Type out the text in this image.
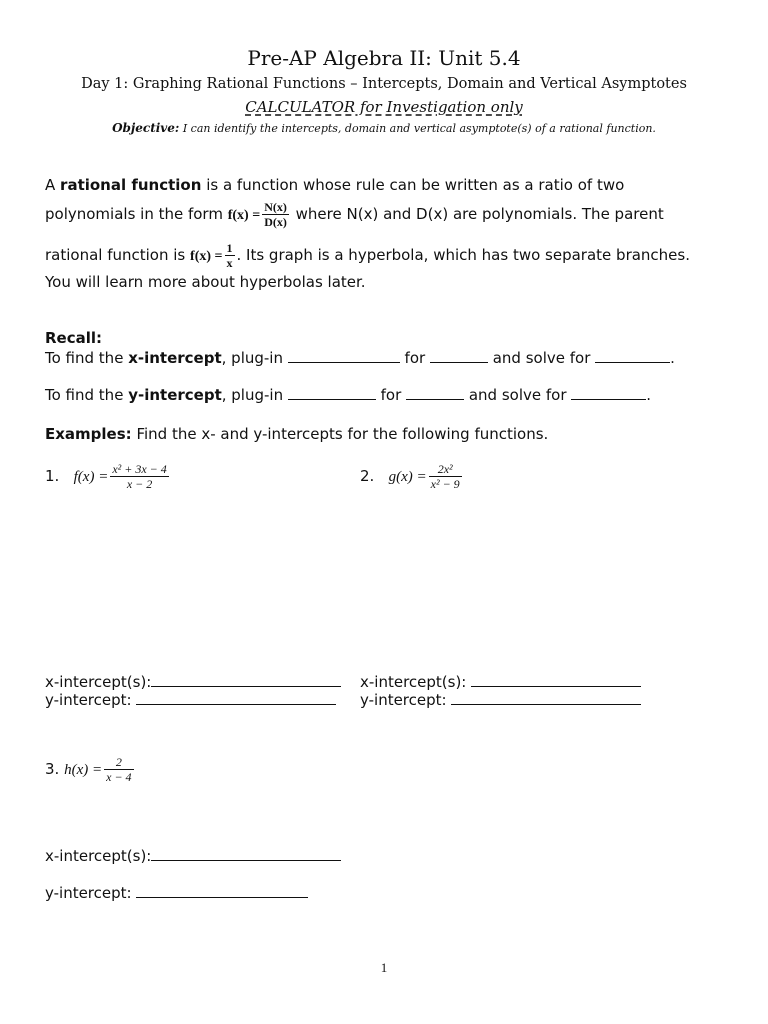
Pre-AP Algebra II: Unit 5.4
Day 1: Graphing Rational Functions – Intercepts, Domain and Vertical Asymptotes
CALCULATOR for Investigation only
Objective: I can identify the intercepts, domain and vertical asymptote(s) of a rational function.
A rational function is a function whose rule can be written as a ratio of two
polynomials in the form $f(x) = \frac{N(x)}{D(x)}$ where N(x) and D(x) are polynomials. The parent
rational function is $f(x) = \frac{1}{x}$ . Its graph is a hyperbola, which has two separate branches.
You will learn more about hyperbolas later.
Recall:
To find the x-intercept, plug-in	for	and solve for	.
To find the y-intercept, plug-in	for	and solve for	.
Examples: Find the x- and y-intercepts for the following functions.
1. $f(x) = \frac{\text{x² + 3x − 4}}{x - 2}$	2. $g(x) = \frac{\text{2x²}}{\text{x² − 9}}$
x-intercept(s):
y-intercept:
x-intercept(s):
y-intercept:
3. $h(x) = \frac{2}{x - 4}$
x-intercept(s):
y-intercept:
1
